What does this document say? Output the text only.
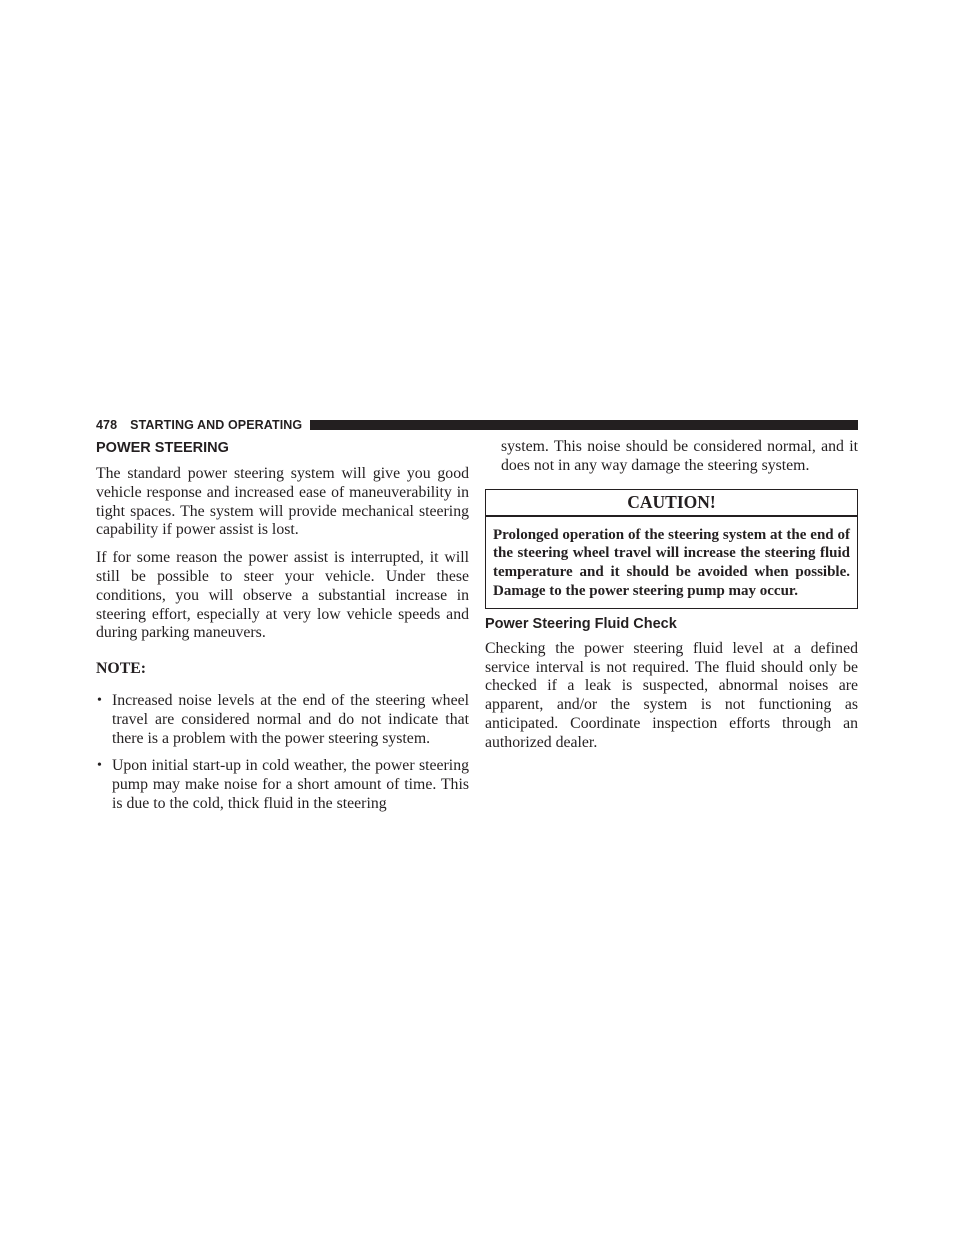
478 STARTING AND OPERATING
POWER STEERING

The standard power steering system will give you good vehicle response and increased ease of maneuverability in tight spaces. The system will provide mechanical steering capability if power assist is lost.

If for some reason the power assist is interrupted, it will still be possible to steer your vehicle. Under these conditions, you will observe a substantial increase in steering effort, especially at very low vehicle speeds and during parking maneuvers.

NOTE:
• Increased noise levels at the end of the steering wheel travel are considered normal and do not indicate that there is a problem with the power steering system.

• Upon initial start-up in cold weather, the power steering pump may make noise for a short amount of time. This is due to the cold, thick fluid in the steering

system. This noise should be considered normal, and it does not in any way damage the steering system.

CAUTION!
Prolonged operation of the steering system at the end of the steering wheel travel will increase the steering fluid temperature and it should be avoided when possible. Damage to the power steering pump may occur.
Power Steering Fluid Check

Checking the power steering fluid level at a defined service interval is not required. The fluid should only be checked if a leak is suspected, abnormal noises are apparent, and/or the system is not functioning as anticipated. Coordinate inspection efforts through an authorized dealer.
